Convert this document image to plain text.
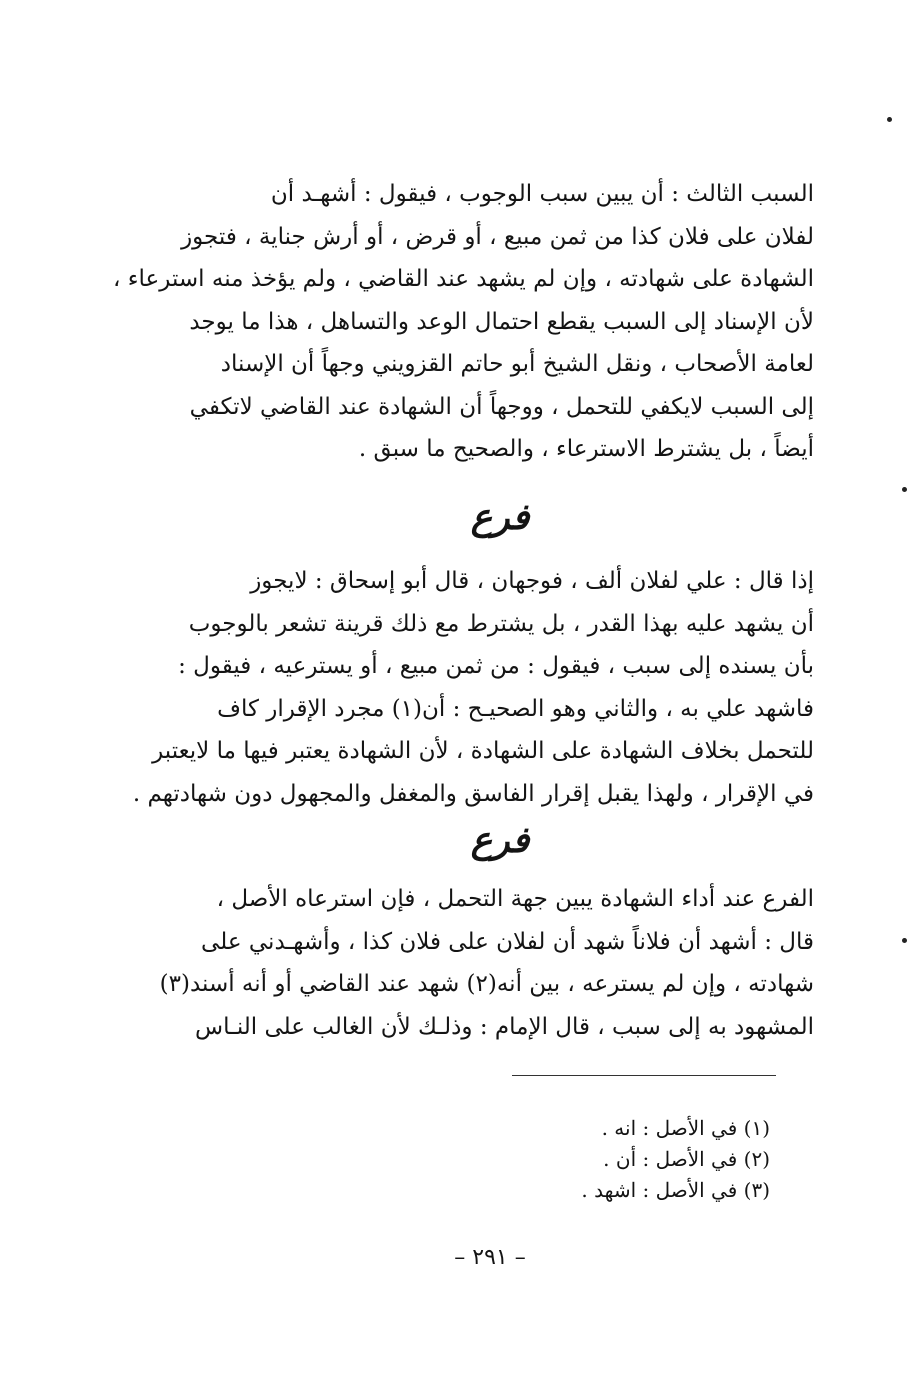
السبب الثالث : أن يبين سبب الوجوب ، فيقول : أشهـد أن
لفلان على فلان كذا من ثمن مبيع ، أو قرض ، أو أرش جناية ، فتجوز
الشهادة على شهادته ، وإن لم يشهد عند القاضي ، ولم يؤخذ منه استرعاء ،
لأن الإسناد إلى السبب يقطع احتمال الوعد والتساهل ، هذا ما يوجد
لعامة الأصحاب ، ونقل الشيخ أبو حاتم القزويني وجهاً أن الإسناد
إلى السبب لايكفي للتحمل ، ووجهاً أن الشهادة عند القاضي لاتكفي
أيضاً ، بل يشترط الاسترعاء ، والصحيح ما سبق .
فرع
إذا قال : علي لفلان ألف ، فوجهان ، قال أبو إسحاق : لايجوز
أن يشهد عليه بهذا القدر ، بل يشترط مع ذلك قرينة تشعر بالوجوب
بأن يسنده إلى سبب ، فيقول : من ثمن مبيع ، أو يسترعيه ، فيقول :
فاشهد علي به ، والثاني وهو الصحيـح : أن(١) مجرد الإقرار كاف
للتحمل بخلاف الشهادة على الشهادة ، لأن الشهادة يعتبر فيها ما لايعتبر
في الإقرار ، ولهذا يقبل إقرار الفاسق والمغفل والمجهول دون شهادتهم .
فرع
الفرع عند أداء الشهادة يبين جهة التحمل ، فإن استرعاه الأصل ،
قال : أشهد أن فلاناً شهد أن لفلان على فلان كذا ، وأشهـدني على
شهادته ، وإن لم يسترعه ، بين أنه(٢) شهد عند القاضي أو أنه أسند(٣)
المشهود به إلى سبب ، قال الإمام : وذلـك لأن الغالب على النـاس
(١) في الأصل : انه .
(٢) في الأصل : أن .
(٣) في الأصل : اشهد .
– ٢٩١ –
